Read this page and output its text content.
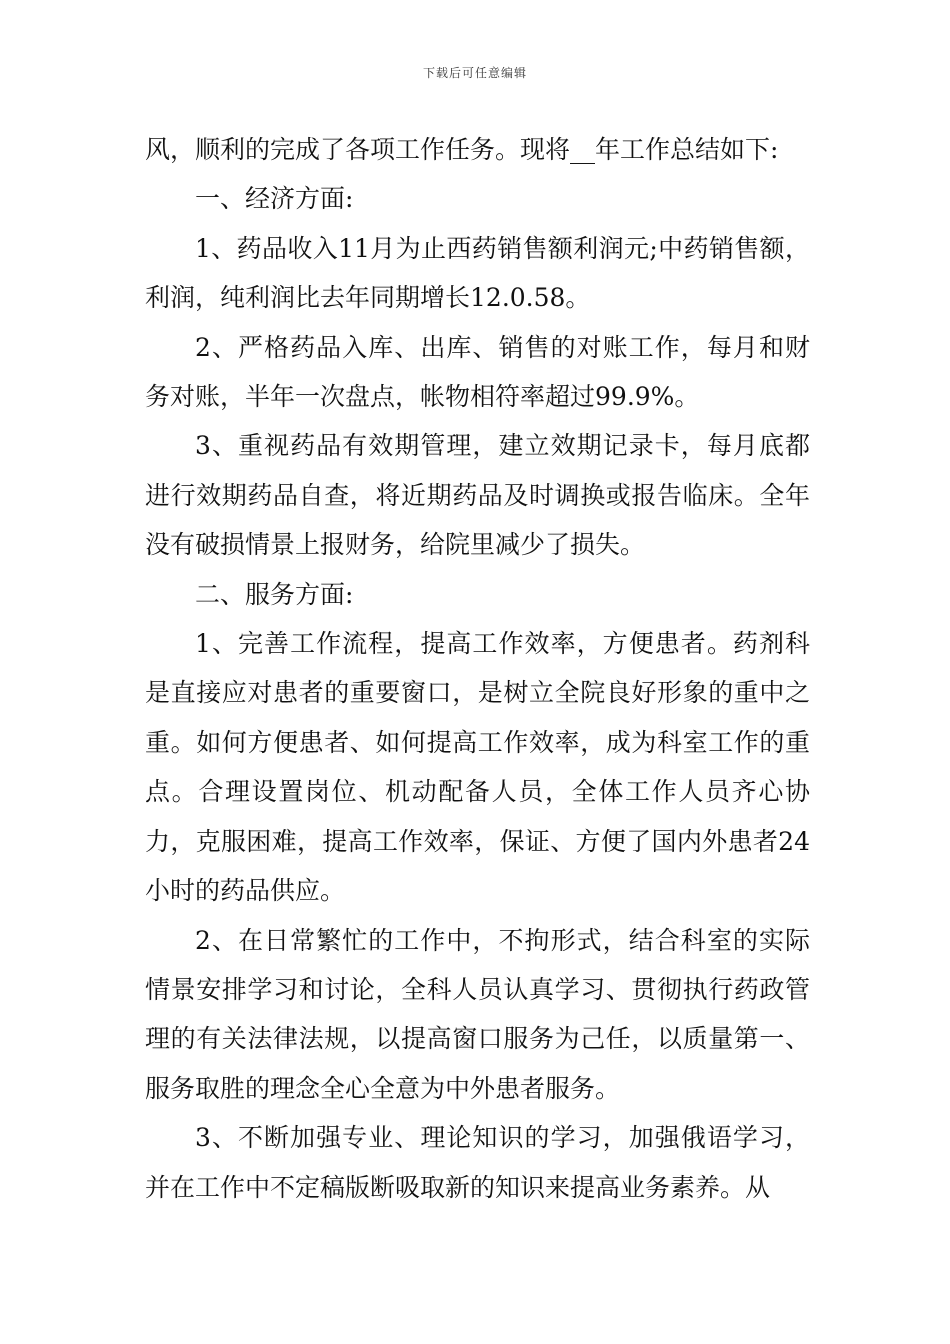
下载后可任意编辑

风，顺利的完成了各项工作任务。现将__年工作总结如下:

一、经济方面:

1、药品收入11月为止西药销售额利润元;中药销售额，利润，纯利润比去年同期增长12.0.58。

2、严格药品入库、出库、销售的对账工作，每月和财务对账，半年一次盘点，帐物相符率超过99.9%。

3、重视药品有效期管理，建立效期记录卡，每月底都进行效期药品自查，将近期药品及时调换或报告临床。全年没有破损情景上报财务，给院里减少了损失。

二、服务方面:

1、完善工作流程，提高工作效率，方便患者。药剂科是直接应对患者的重要窗口，是树立全院良好形象的重中之重。如何方便患者、如何提高工作效率，成为科室工作的重点。合理设置岗位、机动配备人员，全体工作人员齐心协力，克服困难，提高工作效率，保证、方便了国内外患者24小时的药品供应。

2、在日常繁忙的工作中，不拘形式，结合科室的实际情景安排学习和讨论，全科人员认真学习、贯彻执行药政管理的有关法律法规，以提高窗口服务为己任，以质量第一、服务取胜的理念全心全意为中外患者服务。

3、不断加强专业、理论知识的学习，加强俄语学习，并在工作中不定稿版断吸取新的知识来提高业务素养。从
